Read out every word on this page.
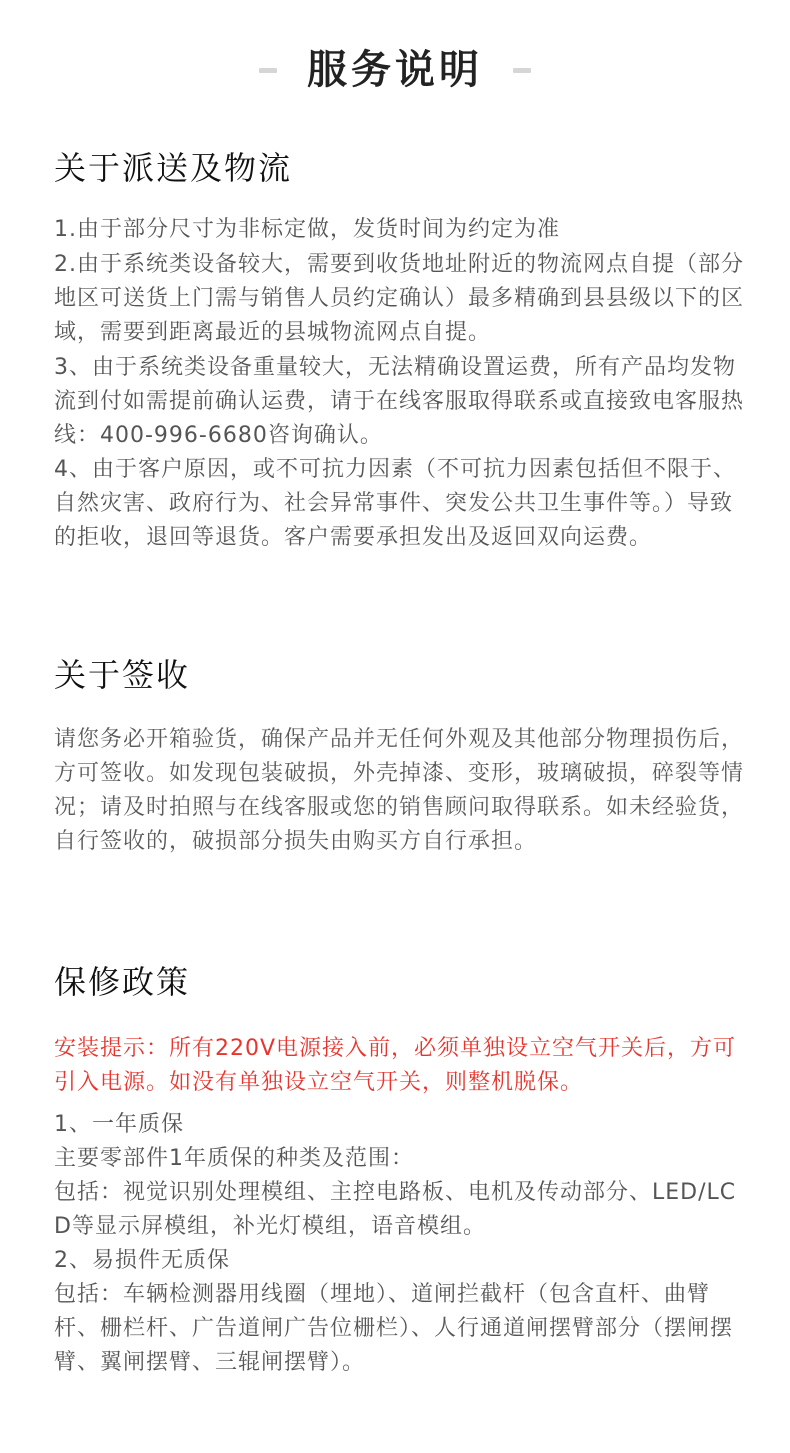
服务说明
关于派送及物流

1.由于部分尺寸为非标定做，发货时间为约定为准

2.由于系统类设备较大，需要到收货地址附近的物流网点自提（部分地区可送货上门需与销售人员约定确认）最多精确到县县级以下的区域，需要到距离最近的县城物流网点自提。

3、由于系统类设备重量较大，无法精确设置运费，所有产品均发物流到付如需提前确认运费，请于在线客服取得联系或直接致电客服热线：400-996-6680咨询确认。

4、由于客户原因，或不可抗力因素（不可抗力因素包括但不限于、自然灾害、政府行为、社会异常事件、突发公共卫生事件等。）导致的拒收，退回等退货。客户需要承担发出及返回双向运费。

关于签收

请您务必开箱验货，确保产品并无任何外观及其他部分物理损伤后，方可签收。如发现包装破损，外壳掉漆、变形，玻璃破损，碎裂等情况；请及时拍照与在线客服或您的销售顾问取得联系。如未经验货，自行签收的，破损部分损失由购买方自行承担。

保修政策

安装提示：所有220V电源接入前，必须单独设立空气开关后，方可引入电源。如没有单独设立空气开关，则整机脱保。

1、一年质保

主要零部件1年质保的种类及范围：

包括：视觉识别处理模组、主控电路板、电机及传动部分、LED/LCD等显示屏模组，补光灯模组，语音模组。

2、易损件无质保

包括：车辆检测器用线圈（埋地）、道闸拦截杆（包含直杆、曲臂杆、栅栏杆、广告道闸广告位栅栏）、人行通道闸摆臂部分（摆闸摆臂、翼闸摆臂、三辊闸摆臂）。
